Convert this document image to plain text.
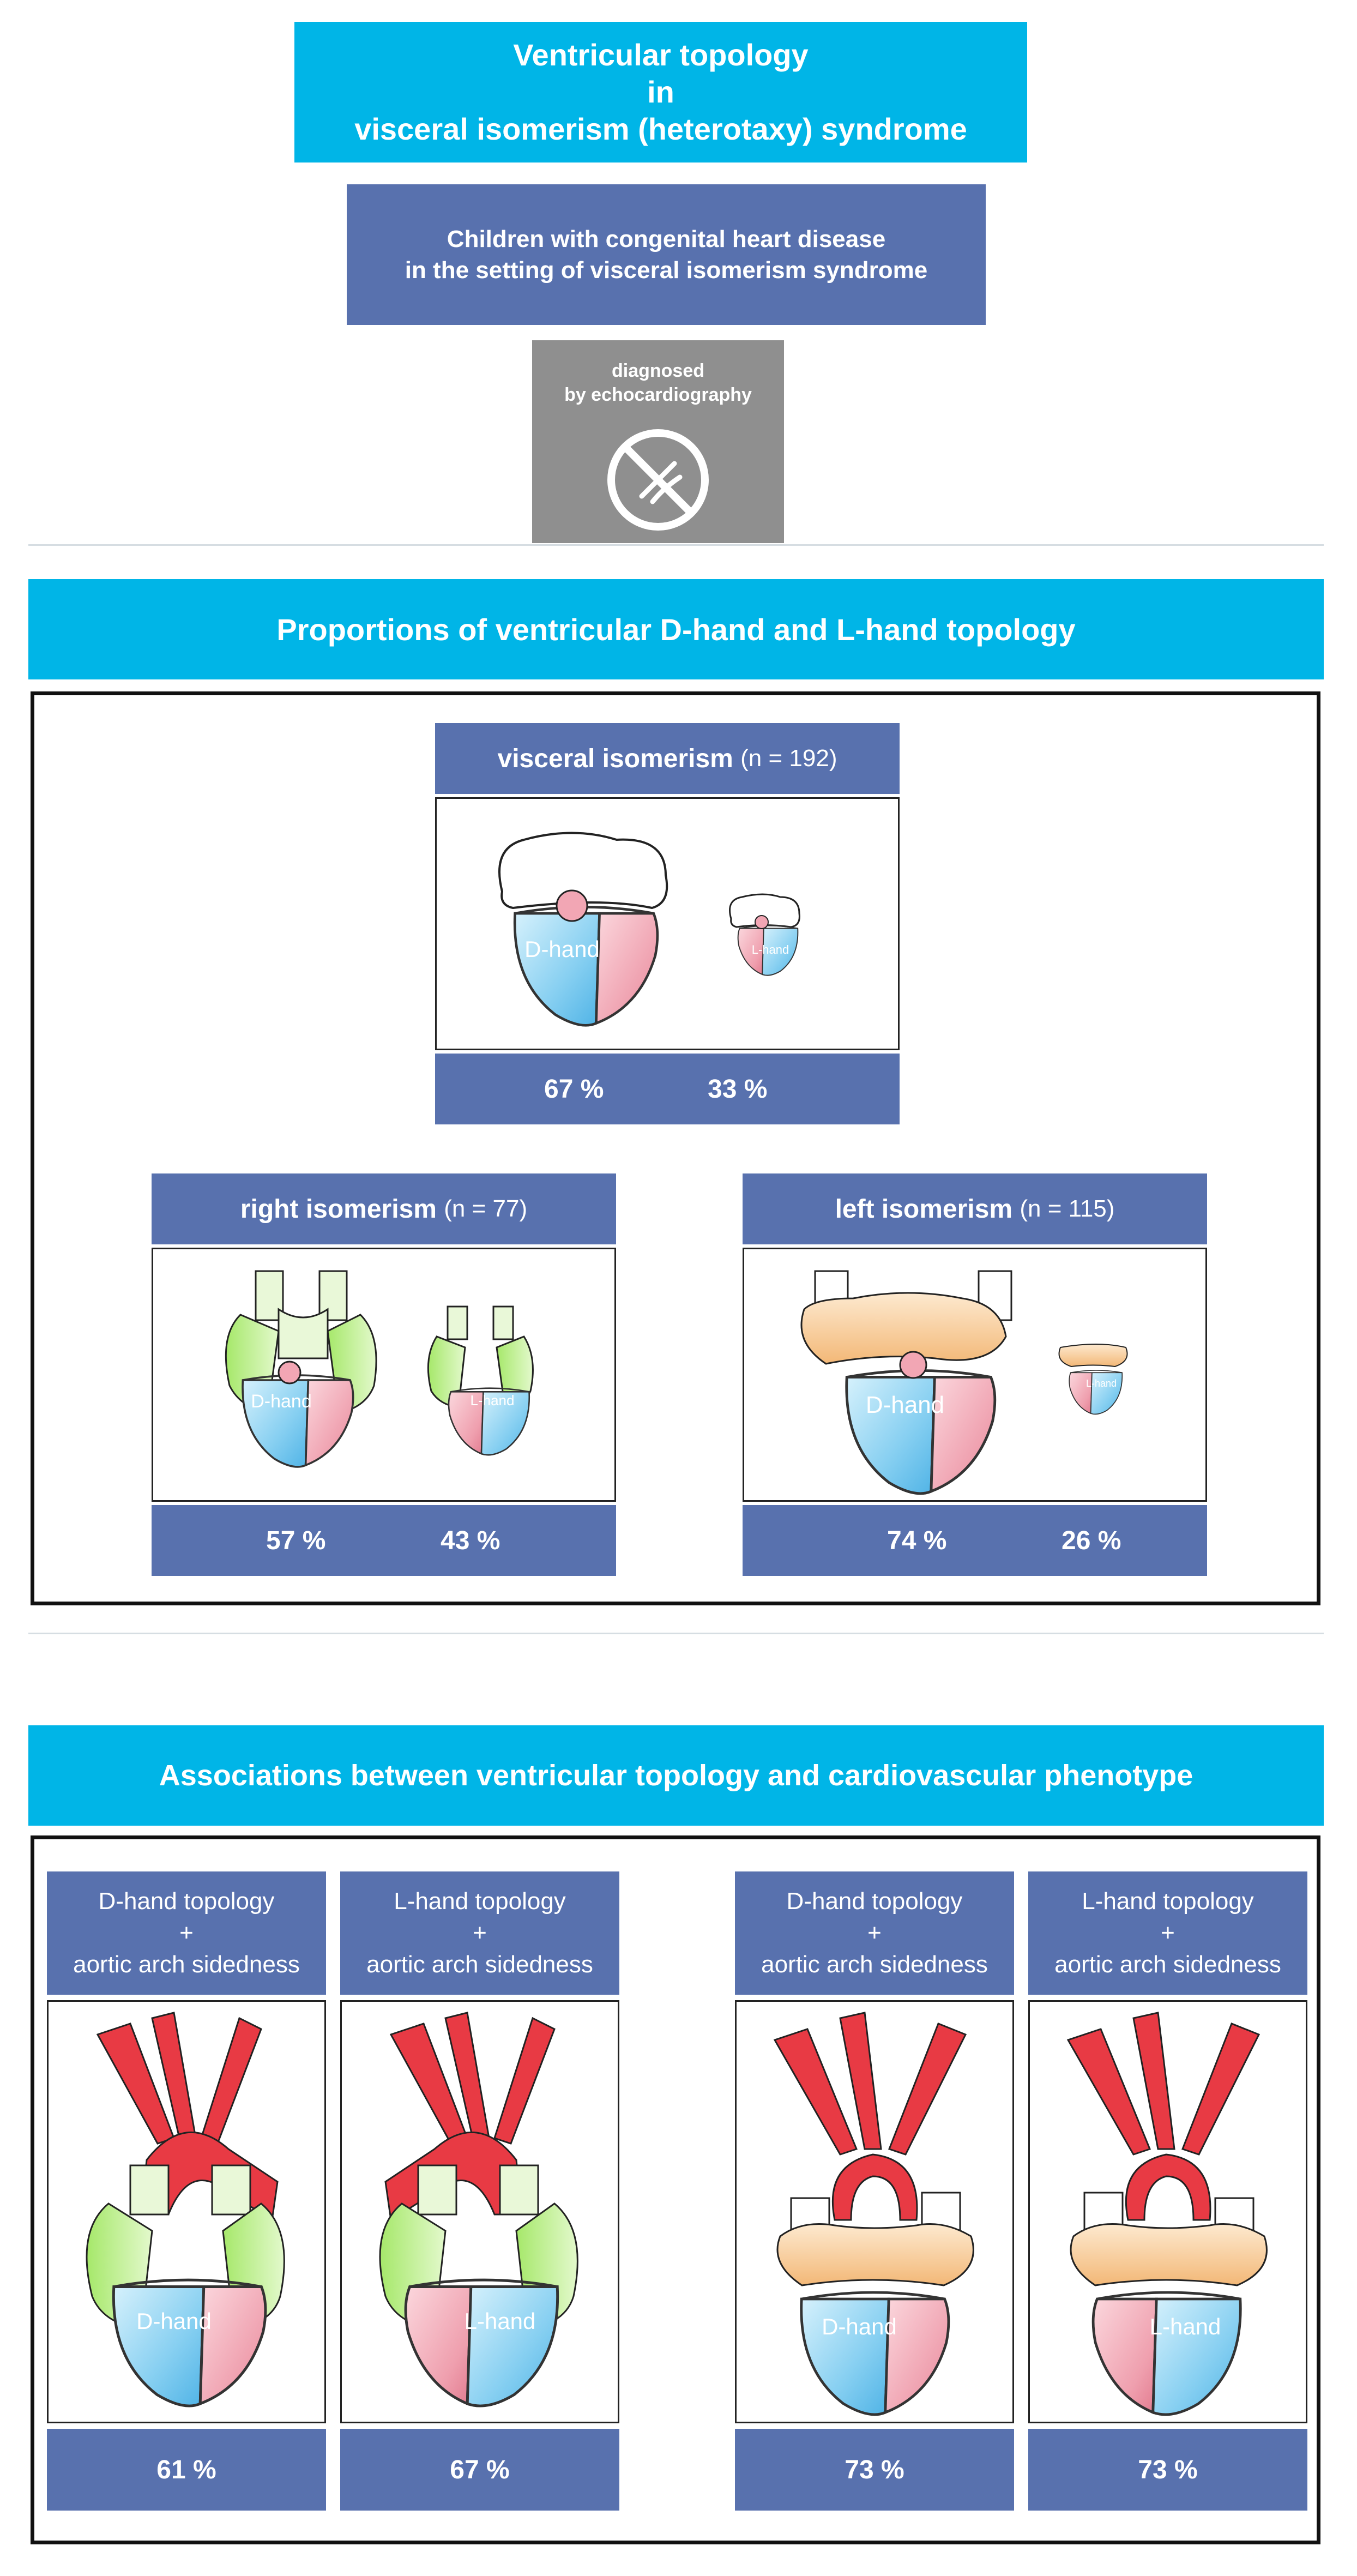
Ventricular topology
in
visceral isomerism (heterotaxy) syndrome
Children with congenital heart disease
in the setting of visceral isomerism syndrome
diagnosed
by echocardiography
Proportions of ventricular D-hand and L-hand topology
visceral isomerism
(n = 192)
D-hand	L-hand
67 %	33 %
right isomerism
(n = 77)
D-hand	L-hand
57 %	43 %
left isomerism
(n = 115)
D-hand
L-hand
74 %	26 %
Associations between ventricular topology and cardiovascular phenotype
D-hand topology
+
aortic arch sidedness
L-hand topology
+
aortic arch sidedness
D-hand topology
+
aortic arch sidedness
L-hand topology
+
aortic arch sidedness
D-hand	L-hand	D-hand	L-hand
61 %	67 %	73 %	73 %
